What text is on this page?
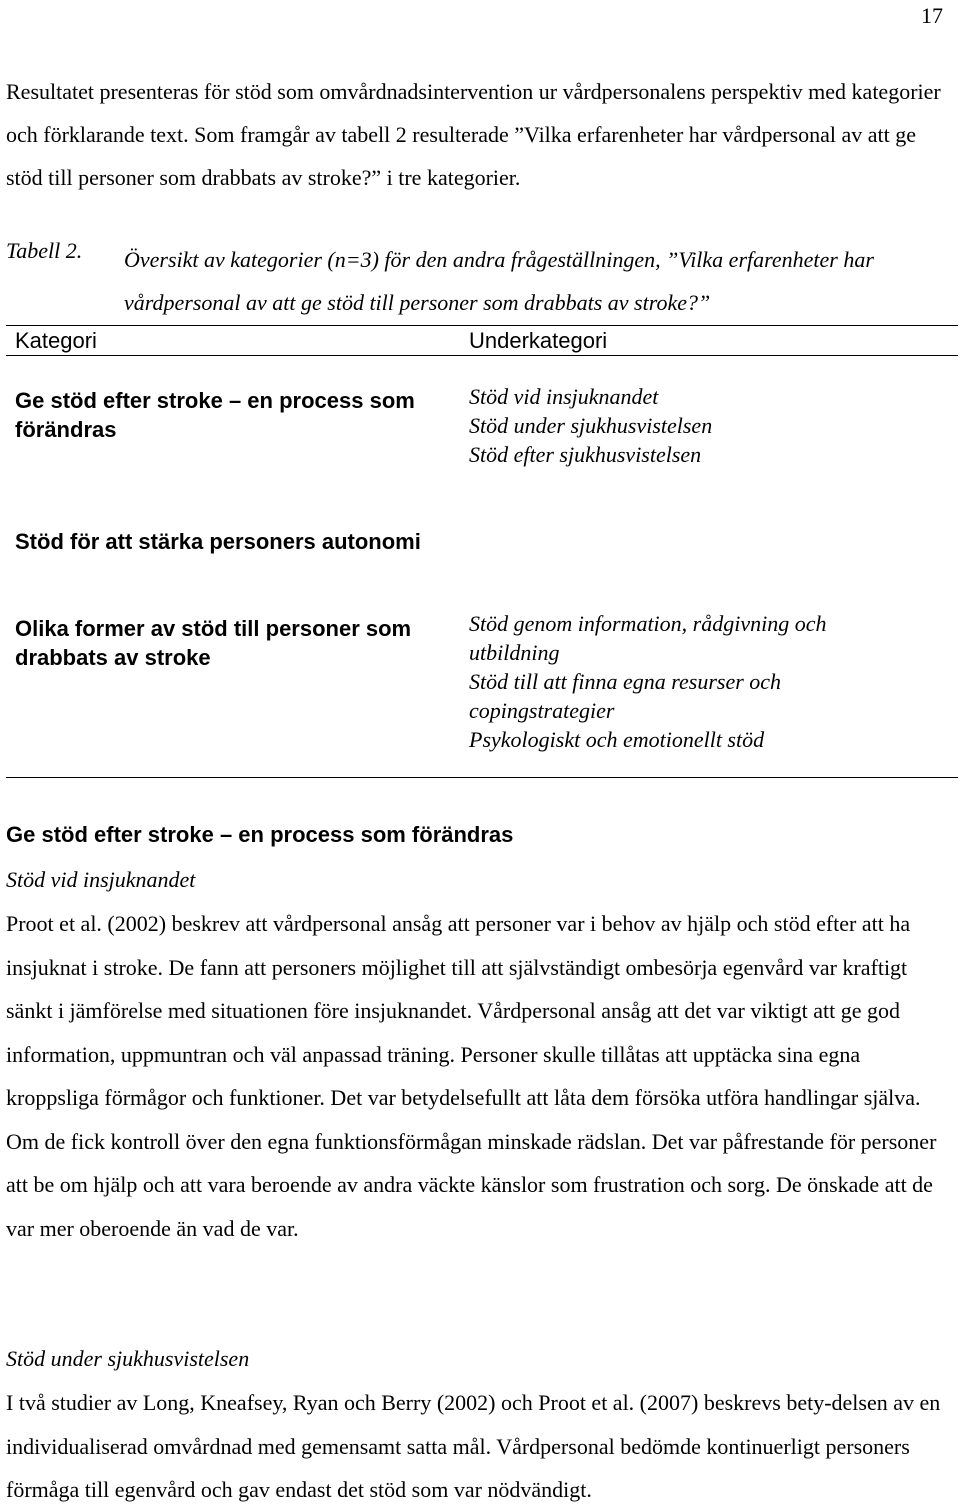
17
Resultatet presenteras för stöd som omvårdnadsintervention ur vårdpersonalens perspektiv med kategorier och förklarande text. Som framgår av tabell 2 resulterade ”Vilka erfarenheter har vårdpersonal av att ge stöd till personer som drabbats av stroke?” i tre kategorier.
Tabell 2. Översikt av kategorier (n=3) för den andra frågeställningen, ”Vilka erfarenheter har vårdpersonal av att ge stöd till personer som drabbats av stroke?”
Kategori	Underkategori
Ge stöd efter stroke – en process som förändras
Stöd vid insjuknandet
Stöd under sjukhusvistelsen
Stöd efter sjukhusvistelsen
Stöd för att stärka personers autonomi
Olika former av stöd till personer som drabbats av stroke
Stöd genom information, rådgivning och
utbildning
Stöd till att finna egna resurser och
copingstrategier
Psykologiskt och emotionellt stöd
Ge stöd efter stroke – en process som förändras
Stöd vid insjuknandet
Proot et al. (2002) beskrev att vårdpersonal ansåg att personer var i behov av hjälp och stöd efter att ha insjuknat i stroke. De fann att personers möjlighet till att självständigt ombesörja egenvård var kraftigt sänkt i jämförelse med situationen före insjuknandet. Vårdpersonal ansåg att det var viktigt att ge god information, uppmuntran och väl anpassad träning. Personer skulle tillåtas att upptäcka sina egna kroppsliga förmågor och funktioner. Det var betydelsefullt att låta dem försöka utföra handlingar själva. Om de fick kontroll över den egna funktionsförmågan minskade rädslan. Det var påfrestande för personer att be om hjälp och att vara beroende av andra väckte känslor som frustration och sorg. De önskade att de var mer oberoende än vad de var.
Stöd under sjukhusvistelsen
I två studier av Long, Kneafsey, Ryan och Berry (2002) och Proot et al. (2007) beskrevs bety-delsen av en individualiserad omvårdnad med gemensamt satta mål. Vårdpersonal bedömde kontinuerligt personers förmåga till egenvård och gav endast det stöd som var nödvändigt.
